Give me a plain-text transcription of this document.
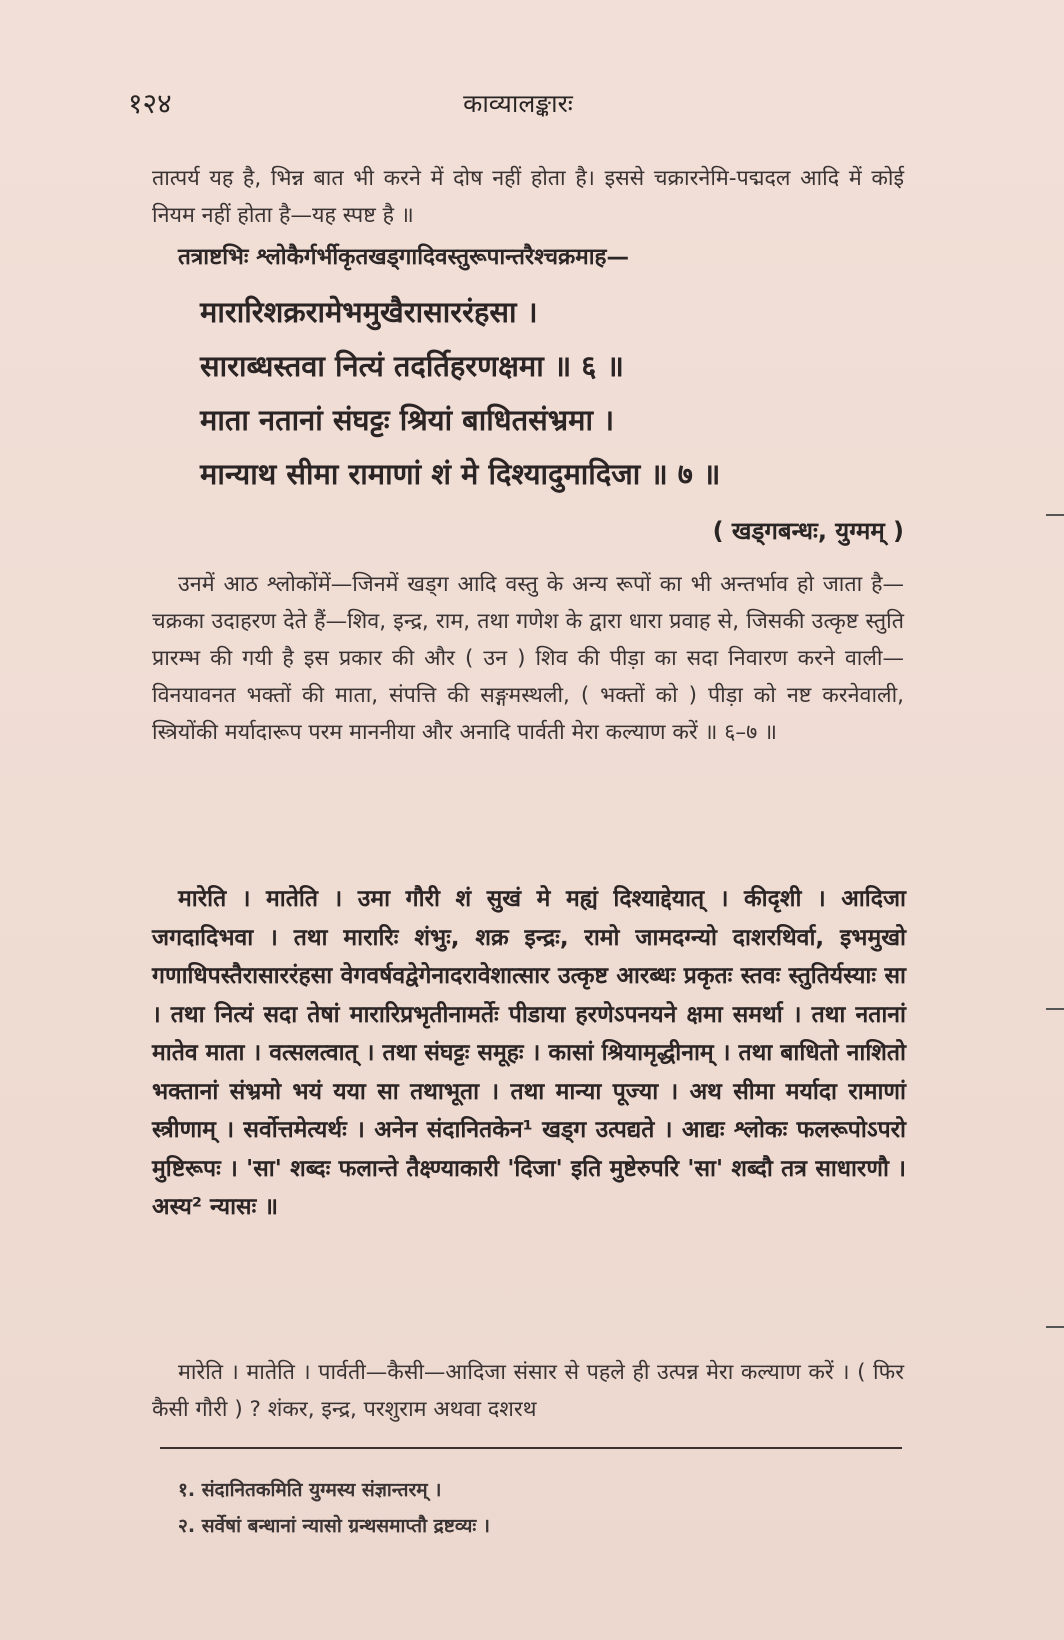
१२४	काव्यालङ्कारः
तात्पर्य यह है, भिन्न बात भी करने में दोष नहीं होता है। इससे चक्रारनेमि-पद्मदल आदि में कोई नियम नहीं होता है—यह स्पष्ट है ॥
तत्राष्टभिः श्लोकैर्गर्भीकृतखड्गादिवस्तुरूपान्तरैश्चक्रमाह—
मारारिशक्ररामेभमुखैरासाररंहसा ।
साराब्धस्तवा नित्यं तदर्तिहरणक्षमा ॥ ६ ॥
माता नतानां संघट्टः श्रियां बाधितसंभ्रमा ।
मान्याथ सीमा रामाणां शं मे दिश्यादुमादिजा ॥ ७ ॥
( खड्गबन्धः, युग्मम् )
उनमें आठ श्लोकोंमें—जिनमें खड्ग आदि वस्तु के अन्य रूपों का भी अन्तर्भाव हो जाता है—चक्रका उदाहरण देते हैं—शिव, इन्द्र, राम, तथा गणेश के द्वारा धारा प्रवाह से, जिसकी उत्कृष्ट स्तुति प्रारम्भ की गयी है इस प्रकार की और ( उन ) शिव की पीड़ा का सदा निवारण करने वाली—विनयावनत भक्तों की माता, संपत्ति की सङ्गमस्थली, ( भक्तों को ) पीड़ा को नष्ट करनेवाली, स्त्रियोंकी मर्यादारूप परम माननीया और अनादि पार्वती मेरा कल्याण करें ॥ ६–७ ॥
मारेति । मातेति । उमा गौरी शं सुखं मे मह्यं दिश्याद्देयात् । कीदृशी । आदिजा जगदादिभवा । तथा मारारिः शंभुः, शक्र इन्द्रः, रामो जामदग्न्यो दाशरथिर्वा, इभमुखो गणाधिपस्तैरासाररंहसा वेगवर्षवद्वेगेनादरावेशात्सार उत्कृष्ट आरब्धः प्रकृतः स्तवः स्तुतिर्यस्याः सा । तथा नित्यं सदा तेषां मारारिप्रभृतीनामर्तेः पीडाया हरणेऽपनयने क्षमा समर्था । तथा नतानां मातेव माता । वत्सलत्वात् । तथा संघट्टः समूहः । कासां श्रियामृद्धीनाम् । तथा बाधितो नाशितो भक्तानां संभ्रमो भयं यया सा तथाभूता । तथा मान्या पूज्या । अथ सीमा मर्यादा रामाणां स्त्रीणाम् । सर्वोत्तमेत्यर्थः । अनेन संदानितकेन¹ खड्ग उत्पद्यते । आद्यः श्लोकः फलरूपोऽपरो मुष्टिरूपः । 'सा' शब्दः फलान्ते तैक्ष्ण्याकारी 'दिजा' इति मुष्टेरुपरि 'सा' शब्दौ तत्र साधारणौ । अस्य² न्यासः ॥
मारेति । मातेति । पार्वती—कैसी—आदिजा संसार से पहले ही उत्पन्न मेरा कल्याण करें । ( फिर कैसी गौरी ) ? शंकर, इन्द्र, परशुराम अथवा दशरथ
१. संदानितकमिति युग्मस्य संज्ञान्तरम् ।
२. सर्वेषां बन्धानां न्यासो ग्रन्थसमाप्तौ द्रष्टव्यः ।
